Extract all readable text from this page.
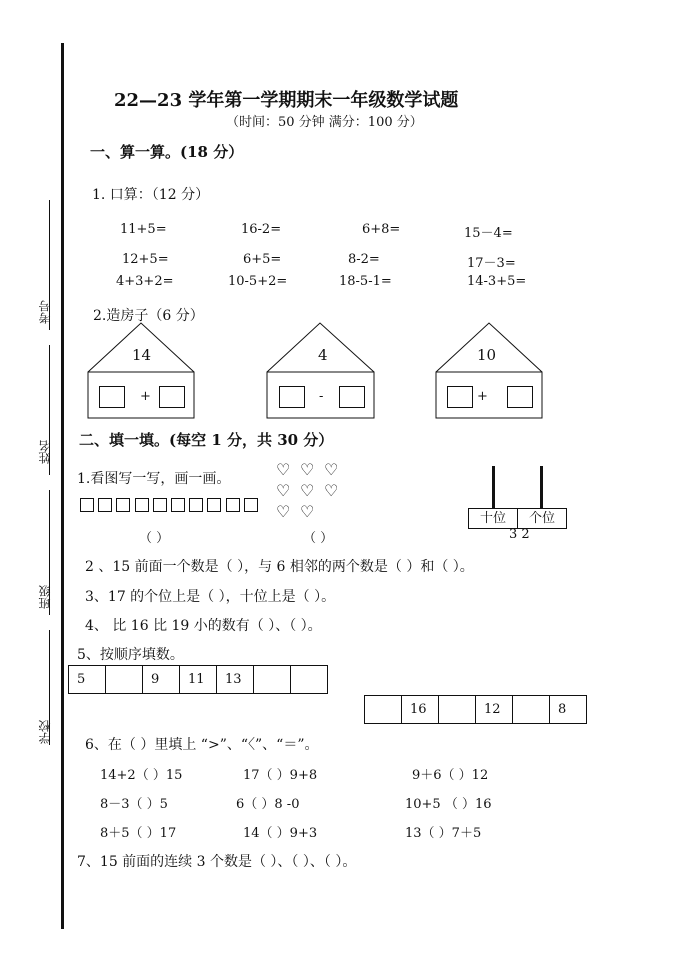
考号
姓名
班级
学校
22—23 学年第一学期期末一年级数学试题
（时间：50 分钟 满分：100 分）
一、算一算。(18 分）
1. 口算：（12 分）
11+5=	16-2=	6+8=	15－4=
12+5=	6+5=	8-2=	17－3=
4+3+2=	10-5+2=	18-5-1=	14-3+5=
2.造房子（6 分）
14	4	10
+	-	+
二、填一填。(每空 1 分，共 30 分）
1.看图写一写，画一画。	♡ ♡ ♡
♡ ♡ ♡
♡ ♡
（ ）	（ ）
十位	个位
3 2
2 、15 前面一个数是（ ），与 6 相邻的两个数是（ ）和（ ）。
3、17 的个位上是（ ），十位上是（ ）。
4、 比 16 比 19 小的数有（ ）、（ ）。
5、按顺序填数。
5		9	11	13		
	16		12		8
6、在（ ）里填上 “>”、“〈”、“＝”。
14+2（ ）15	17（ ）9+8	9＋6（ ）12
8－3（ ）5	6（ ）8 -0	10+5 （ ）16
8＋5（ ）17	14（ ）9+3	13（ ）7＋5
7、15 前面的连续 3 个数是（ ）、（ ）、（ ）。
